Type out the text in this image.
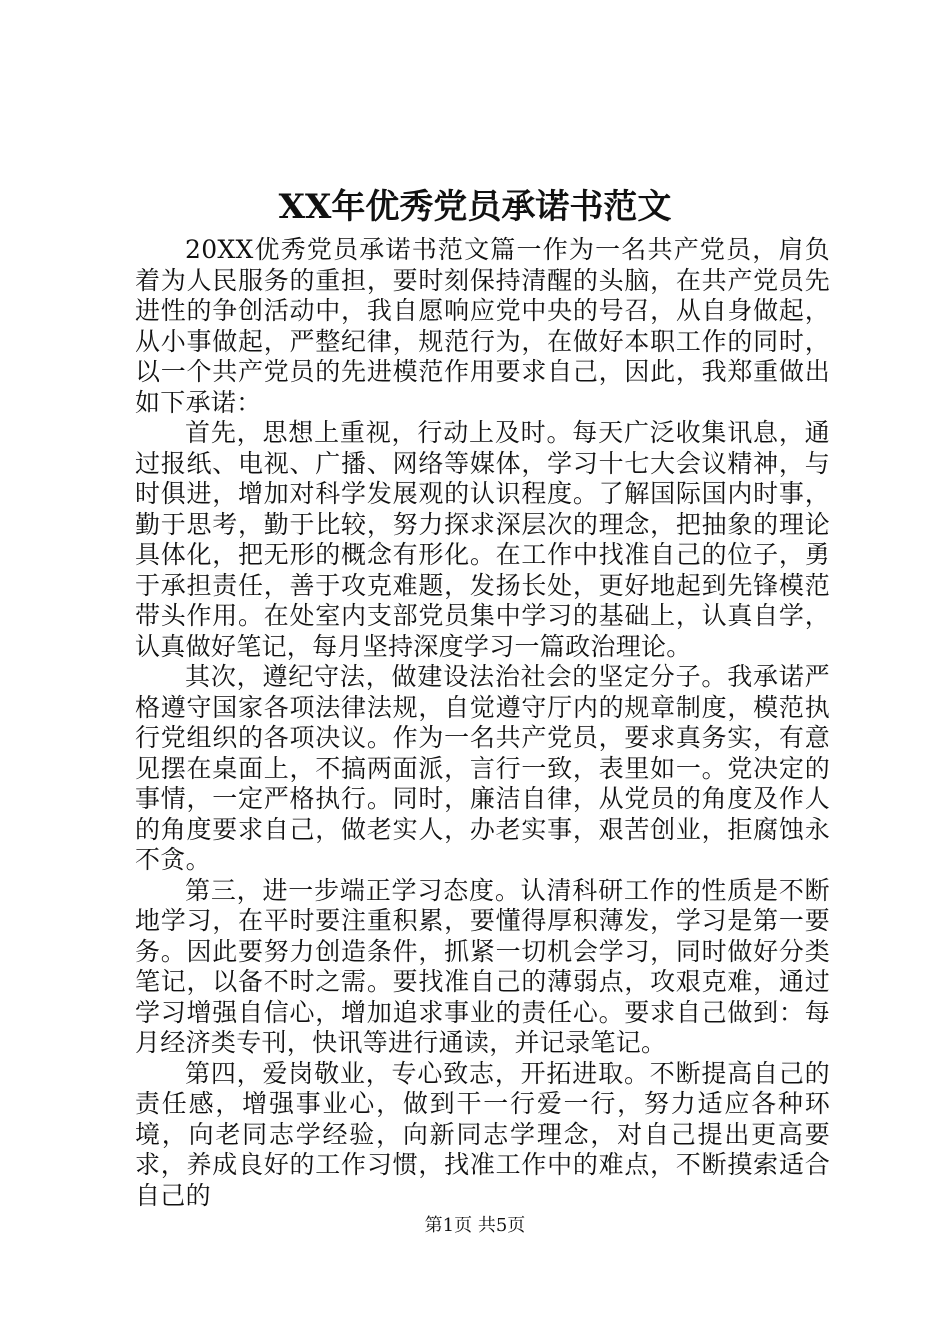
XX年优秀党员承诺书范文

20XX优秀党员承诺书范文篇一作为一名共产党员，肩负着为人民服务的重担，要时刻保持清醒的头脑，在共产党员先进性的争创活动中，我自愿响应党中央的号召，从自身做起，从小事做起，严整纪律，规范行为，在做好本职工作的同时，以一个共产党员的先进模范作用要求自己，因此，我郑重做出如下承诺：

首先，思想上重视，行动上及时。每天广泛收集讯息，通过报纸、电视、广播、网络等媒体，学习十七大会议精神，与时俱进，增加对科学发展观的认识程度。了解国际国内时事，勤于思考，勤于比较，努力探求深层次的理念，把抽象的理论具体化，把无形的概念有形化。在工作中找准自己的位子，勇于承担责任，善于攻克难题，发扬长处，更好地起到先锋模范带头作用。在处室内支部党员集中学习的基础上，认真自学，认真做好笔记，每月坚持深度学习一篇政治理论。

其次，遵纪守法，做建设法治社会的坚定分子。我承诺严格遵守国家各项法律法规，自觉遵守厅内的规章制度，模范执行党组织的各项决议。作为一名共产党员，要求真务实，有意见摆在桌面上，不搞两面派，言行一致，表里如一。党决定的事情，一定严格执行。同时，廉洁自律，从党员的角度及作人的角度要求自己，做老实人，办老实事，艰苦创业，拒腐蚀永不贪。

第三，进一步端正学习态度。认清科研工作的性质是不断地学习，在平时要注重积累，要懂得厚积薄发，学习是第一要务。因此要努力创造条件，抓紧一切机会学习，同时做好分类笔记，以备不时之需。要找准自己的薄弱点，攻艰克难，通过学习增强自信心，增加追求事业的责任心。要求自己做到：每月经济类专刊，快讯等进行通读，并记录笔记。

第四，爱岗敬业，专心致志，开拓进取。不断提高自己的责任感，增强事业心，做到干一行爱一行，努力适应各种环境，向老同志学经验，向新同志学理念，对自己提出更高要求，养成良好的工作习惯，找准工作中的难点，不断摸索适合自己的

第1页 共5页
